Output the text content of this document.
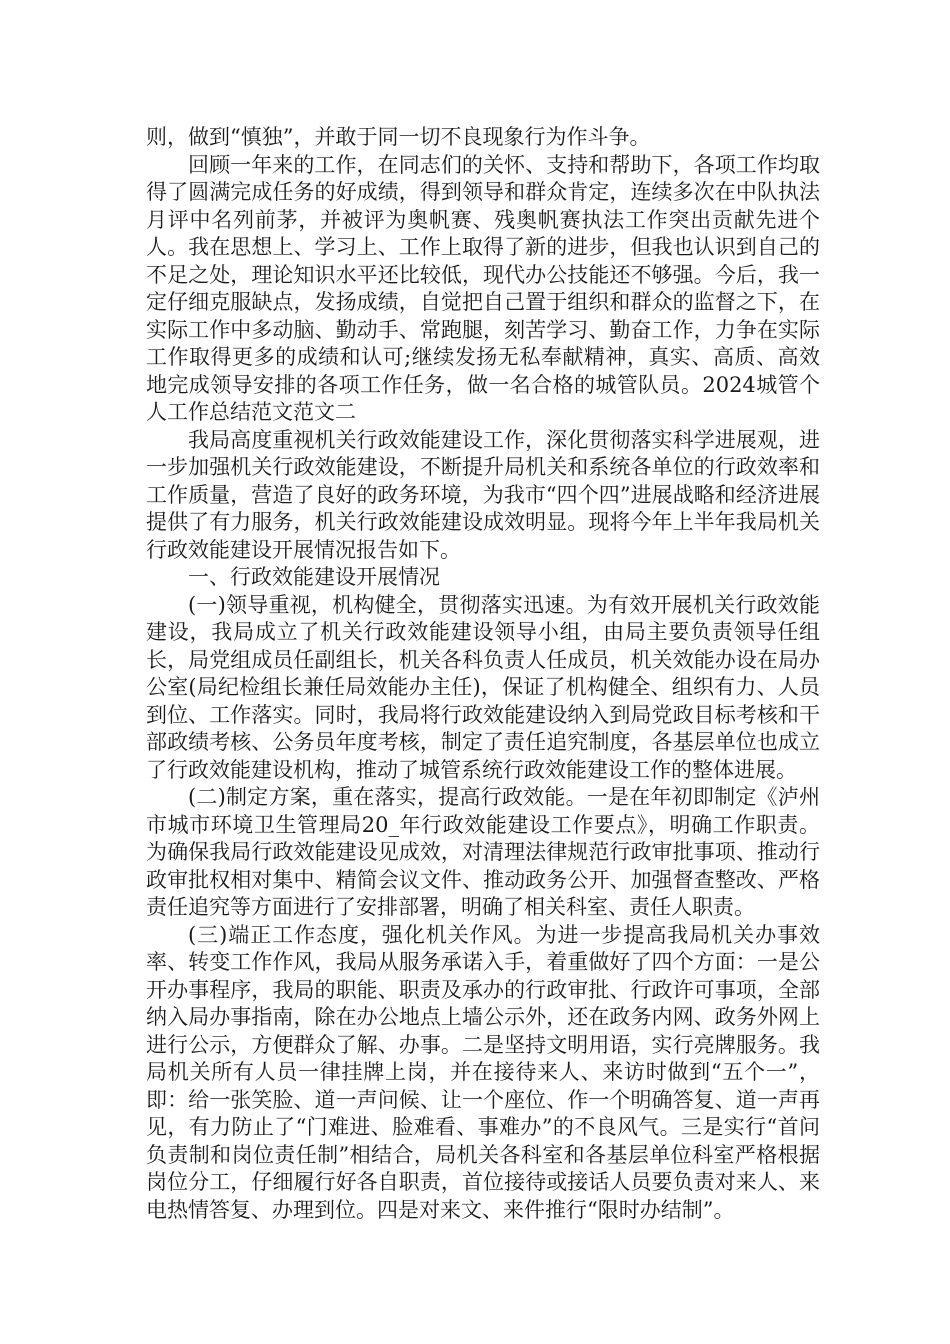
则，做到“慎独”，并敢于同一切不良现象行为作斗争。

回顾一年来的工作，在同志们的关怀、支持和帮助下，各项工作均取得了圆满完成任务的好成绩，得到领导和群众肯定，连续多次在中队执法月评中名列前茅，并被评为奥帆赛、残奥帆赛执法工作突出贡献先进个人。我在思想上、学习上、工作上取得了新的进步，但我也认识到自己的不足之处，理论知识水平还比较低，现代办公技能还不够强。今后，我一定仔细克服缺点，发扬成绩，自觉把自己置于组织和群众的监督之下，在实际工作中多动脑、勤动手、常跑腿，刻苦学习、勤奋工作，力争在实际工作取得更多的成绩和认可;继续发扬无私奉献精神，真实、高质、高效地完成领导安排的各项工作任务，做一名合格的城管队员。2024城管个人工作总结范文范文二

我局高度重视机关行政效能建设工作，深化贯彻落实科学进展观，进一步加强机关行政效能建设，不断提升局机关和系统各单位的行政效率和工作质量，营造了良好的政务环境，为我市“四个四”进展战略和经济进展提供了有力服务，机关行政效能建设成效明显。现将今年上半年我局机关行政效能建设开展情况报告如下。

一、行政效能建设开展情况

(一)领导重视，机构健全，贯彻落实迅速。为有效开展机关行政效能建设，我局成立了机关行政效能建设领导小组，由局主要负责领导任组长，局党组成员任副组长，机关各科负责人任成员，机关效能办设在局办公室(局纪检组长兼任局效能办主任)，保证了机构健全、组织有力、人员到位、工作落实。同时，我局将行政效能建设纳入到局党政目标考核和干部政绩考核、公务员年度考核，制定了责任追究制度，各基层单位也成立了行政效能建设机构，推动了城管系统行政效能建设工作的整体进展。

(二)制定方案，重在落实，提高行政效能。一是在年初即制定《泸州市城市环境卫生管理局20_年行政效能建设工作要点》，明确工作职责。为确保我局行政效能建设见成效，对清理法律规范行政审批事项、推动行政审批权相对集中、精简会议文件、推动政务公开、加强督查整改、严格责任追究等方面进行了安排部署，明确了相关科室、责任人职责。

(三)端正工作态度，强化机关作风。为进一步提高我局机关办事效率、转变工作作风，我局从服务承诺入手，着重做好了四个方面：一是公开办事程序，我局的职能、职责及承办的行政审批、行政许可事项，全部纳入局办事指南，除在办公地点上墙公示外，还在政务内网、政务外网上进行公示，方便群众了解、办事。二是坚持文明用语，实行亮牌服务。我局机关所有人员一律挂牌上岗，并在接待来人、来访时做到“五个一”，即：给一张笑脸、道一声问候、让一个座位、作一个明确答复、道一声再见，有力防止了“门难进、脸难看、事难办”的不良风气。三是实行“首问负责制和岗位责任制”相结合，局机关各科室和各基层单位科室严格根据岗位分工，仔细履行好各自职责，首位接待或接话人员要负责对来人、来电热情答复、办理到位。四是对来文、来件推行“限时办结制”。
